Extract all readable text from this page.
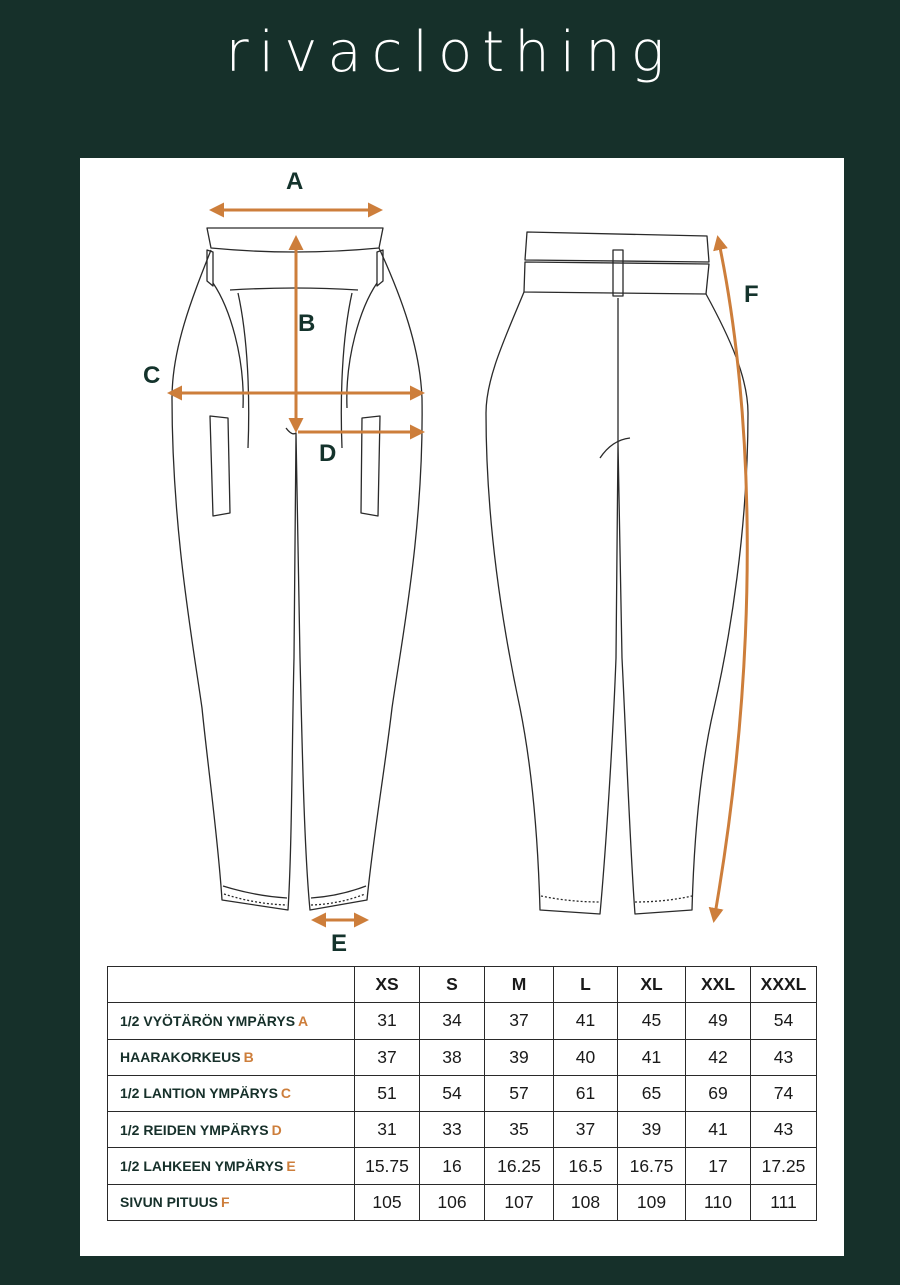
rivaclothing
A
B
C
D
E
F
	XS	S	M	L	XL	XXL	XXXL
1/2 VYÖTÄRÖN YMPÄRYS A	31	34	37	41	45	49	54
HAARAKORKEUS B	37	38	39	40	41	42	43
1/2 LANTION YMPÄRYS C	51	54	57	61	65	69	74
1/2 REIDEN YMPÄRYS D	31	33	35	37	39	41	43
1/2 LAHKEEN YMPÄRYS E	15.75	16	16.25	16.5	16.75	17	17.25
SIVUN PITUUS F	105	106	107	108	109	110	111
